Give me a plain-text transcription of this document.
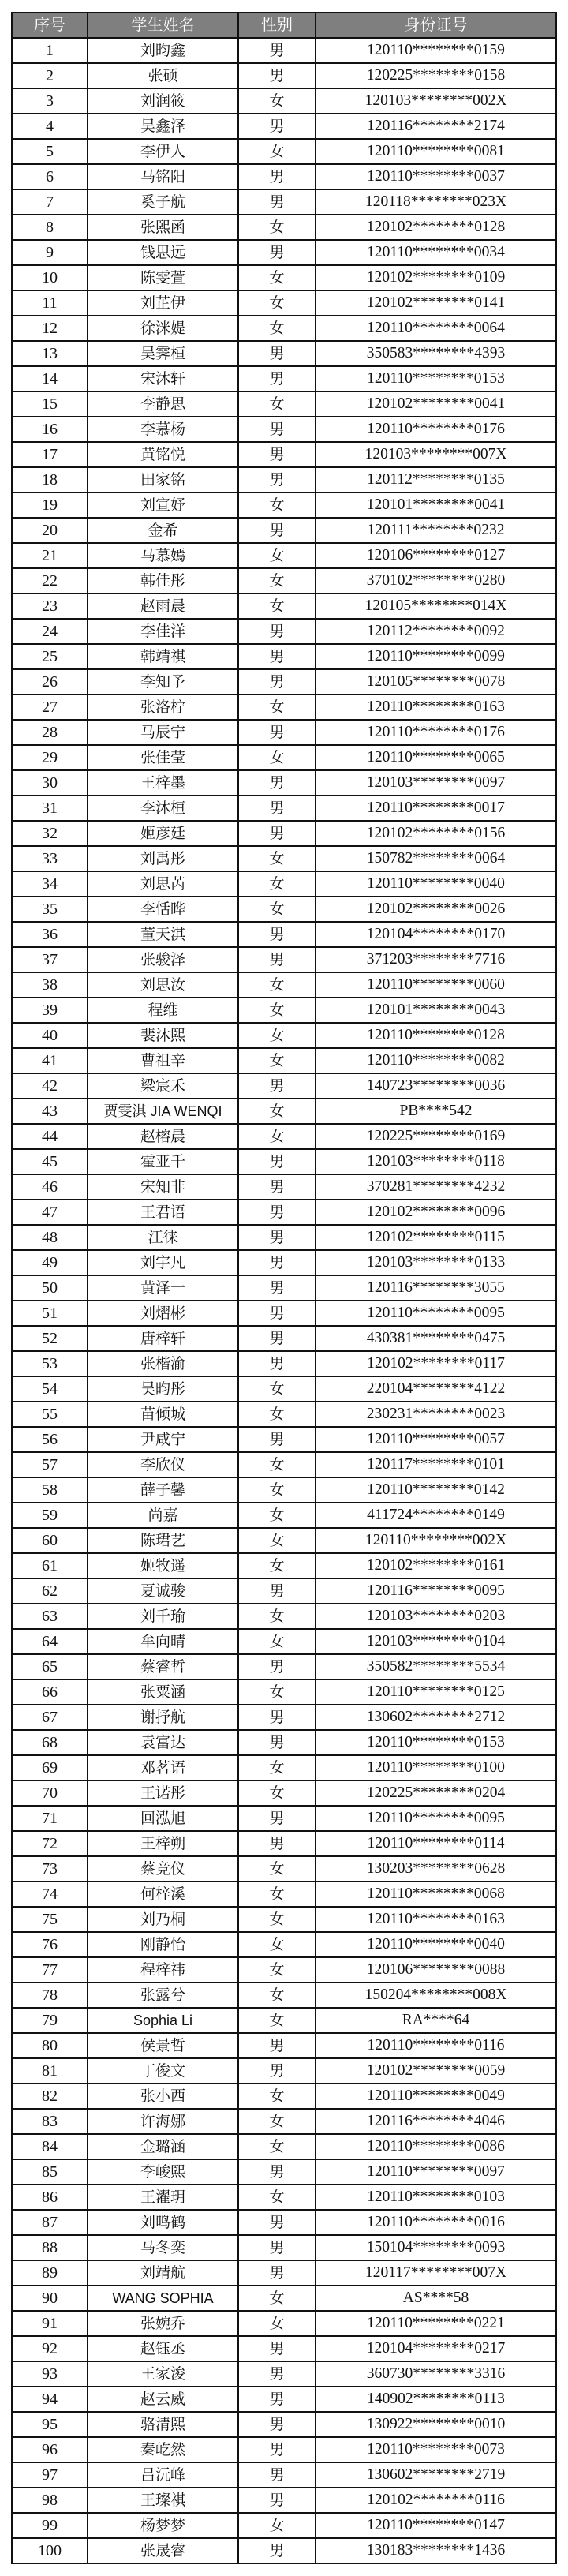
序号	学生姓名	性别	身份证号
1	刘昀鑫	男	120110********0159
2	张硕	男	120225********0158
3	刘润筱	女	120103********002X
4	吴鑫泽	男	120116********2174
5	李伊人	女	120110********0081
6	马铭阳	男	120110********0037
7	奚子航	男	120118********023X
8	张熙函	女	120102********0128
9	钱思远	男	120110********0034
10	陈雯萱	女	120102********0109
11	刘芷伊	女	120102********0141
12	徐洣媞	女	120110********0064
13	吴霁桓	男	350583********4393
14	宋沐轩	男	120110********0153
15	李静思	女	120102********0041
16	李慕杨	男	120110********0176
17	黄铭悦	男	120103********007X
18	田家铭	男	120112********0135
19	刘宣妤	女	120101********0041
20	金希	男	120111********0232
21	马慕嫣	女	120106********0127
22	韩佳彤	女	370102********0280
23	赵雨晨	女	120105********014X
24	李佳洋	男	120112********0092
25	韩靖祺	男	120110********0099
26	李知予	男	120105********0078
27	张洛柠	女	120110********0163
28	马辰宁	男	120110********0176
29	张佳莹	女	120110********0065
30	王梓墨	男	120103********0097
31	李沐桓	男	120110********0017
32	姬彦廷	男	120102********0156
33	刘禹彤	女	150782********0064
34	刘思芮	女	120110********0040
35	李恬晔	女	120102********0026
36	董天淇	男	120104********0170
37	张骏泽	男	371203********7716
38	刘思汝	女	120110********0060
39	程维	女	120101********0043
40	裴沐熙	女	120110********0128
41	曹祖辛	女	120110********0082
42	梁宸禾	男	140723********0036
43	贾雯淇 JIA WENQI	女	PB****542
44	赵榕晨	女	120225********0169
45	霍亚千	男	120103********0118
46	宋知非	男	370281********4232
47	王君语	男	120102********0096
48	江徕	男	120102********0115
49	刘宇凡	男	120103********0133
50	黄泽一	男	120116********3055
51	刘熠彬	男	120110********0095
52	唐梓轩	男	430381********0475
53	张楷渝	男	120102********0117
54	吴昀彤	女	220104********4122
55	苗倾城	女	230231********0023
56	尹咸宁	男	120110********0057
57	李欣仪	女	120117********0101
58	薛子馨	女	120110********0142
59	尚嘉	女	411724********0149
60	陈珺艺	女	120110********002X
61	姬牧遥	女	120102********0161
62	夏诚骏	男	120116********0095
63	刘千瑜	女	120103********0203
64	牟向晴	女	120103********0104
65	蔡睿哲	男	350582********5534
66	张粟涵	女	120110********0125
67	谢抒航	男	130602********2712
68	袁富达	男	120110********0153
69	邓茗语	女	120110********0100
70	王诺彤	女	120225********0204
71	回泓旭	男	120110********0095
72	王梓朔	男	120110********0114
73	蔡竞仪	女	130203********0628
74	何梓溪	女	120110********0068
75	刘乃桐	女	120110********0163
76	刚静怡	女	120110********0040
77	程梓祎	女	120106********0088
78	张露兮	女	150204********008X
79	Sophia Li	女	RA****64
80	侯景哲	男	120110********0116
81	丁俊文	男	120102********0059
82	张小西	女	120110********0049
83	许海娜	女	120116********4046
84	金璐涵	女	120110********0086
85	李峻熙	男	120110********0097
86	王濯玥	女	120110********0103
87	刘鸣鹤	男	120110********0016
88	马冬奕	男	150104********0093
89	刘靖航	男	120117********007X
90	WANG SOPHIA	女	AS****58
91	张婉乔	女	120110********0221
92	赵钰丞	男	120104********0217
93	王家浚	男	360730********3316
94	赵云威	男	140902********0113
95	骆清熙	男	130922********0010
96	秦屹然	男	120110********0073
97	吕沅峰	男	130602********2719
98	王璨祺	男	120102********0116
99	杨梦梦	女	120110********0147
100	张晟睿	男	130183********1436
